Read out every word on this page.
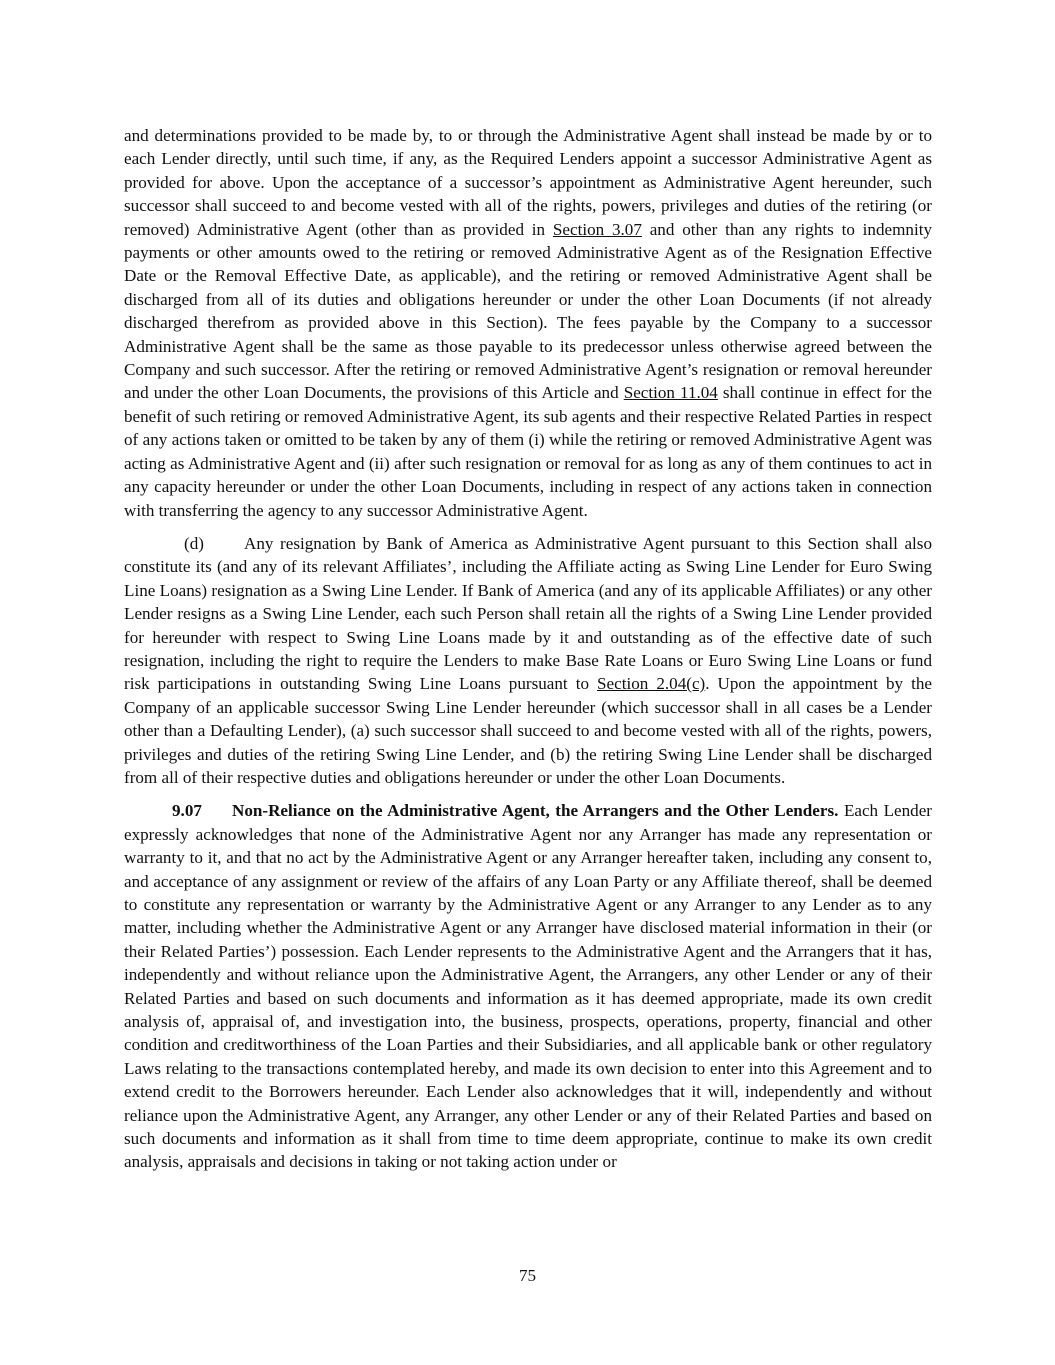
and determinations provided to be made by, to or through the Administrative Agent shall instead be made by or to each Lender directly, until such time, if any, as the Required Lenders appoint a successor Administrative Agent as provided for above. Upon the acceptance of a successor’s appointment as Administrative Agent hereunder, such successor shall succeed to and become vested with all of the rights, powers, privileges and duties of the retiring (or removed) Administrative Agent (other than as provided in Section 3.07 and other than any rights to indemnity payments or other amounts owed to the retiring or removed Administrative Agent as of the Resignation Effective Date or the Removal Effective Date, as applicable), and the retiring or removed Administrative Agent shall be discharged from all of its duties and obligations hereunder or under the other Loan Documents (if not already discharged therefrom as provided above in this Section). The fees payable by the Company to a successor Administrative Agent shall be the same as those payable to its predecessor unless otherwise agreed between the Company and such successor. After the retiring or removed Administrative Agent’s resignation or removal hereunder and under the other Loan Documents, the provisions of this Article and Section 11.04 shall continue in effect for the benefit of such retiring or removed Administrative Agent, its sub agents and their respective Related Parties in respect of any actions taken or omitted to be taken by any of them (i) while the retiring or removed Administrative Agent was acting as Administrative Agent and (ii) after such resignation or removal for as long as any of them continues to act in any capacity hereunder or under the other Loan Documents, including in respect of any actions taken in connection with transferring the agency to any successor Administrative Agent.

(d) Any resignation by Bank of America as Administrative Agent pursuant to this Section shall also constitute its (and any of its relevant Affiliates’, including the Affiliate acting as Swing Line Lender for Euro Swing Line Loans) resignation as a Swing Line Lender. If Bank of America (and any of its applicable Affiliates) or any other Lender resigns as a Swing Line Lender, each such Person shall retain all the rights of a Swing Line Lender provided for hereunder with respect to Swing Line Loans made by it and outstanding as of the effective date of such resignation, including the right to require the Lenders to make Base Rate Loans or Euro Swing Line Loans or fund risk participations in outstanding Swing Line Loans pursuant to Section 2.04(c). Upon the appointment by the Company of an applicable successor Swing Line Lender hereunder (which successor shall in all cases be a Lender other than a Defaulting Lender), (a) such successor shall succeed to and become vested with all of the rights, powers, privileges and duties of the retiring Swing Line Lender, and (b) the retiring Swing Line Lender shall be discharged from all of their respective duties and obligations hereunder or under the other Loan Documents.

9.07 Non-Reliance on the Administrative Agent, the Arrangers and the Other Lenders. Each Lender expressly acknowledges that none of the Administrative Agent nor any Arranger has made any representation or warranty to it, and that no act by the Administrative Agent or any Arranger hereafter taken, including any consent to, and acceptance of any assignment or review of the affairs of any Loan Party or any Affiliate thereof, shall be deemed to constitute any representation or warranty by the Administrative Agent or any Arranger to any Lender as to any matter, including whether the Administrative Agent or any Arranger have disclosed material information in their (or their Related Parties’) possession. Each Lender represents to the Administrative Agent and the Arrangers that it has, independently and without reliance upon the Administrative Agent, the Arrangers, any other Lender or any of their Related Parties and based on such documents and information as it has deemed appropriate, made its own credit analysis of, appraisal of, and investigation into, the business, prospects, operations, property, financial and other condition and creditworthiness of the Loan Parties and their Subsidiaries, and all applicable bank or other regulatory Laws relating to the transactions contemplated hereby, and made its own decision to enter into this Agreement and to extend credit to the Borrowers hereunder. Each Lender also acknowledges that it will, independently and without reliance upon the Administrative Agent, any Arranger, any other Lender or any of their Related Parties and based on such documents and information as it shall from time to time deem appropriate, continue to make its own credit analysis, appraisals and decisions in taking or not taking action under or

75
